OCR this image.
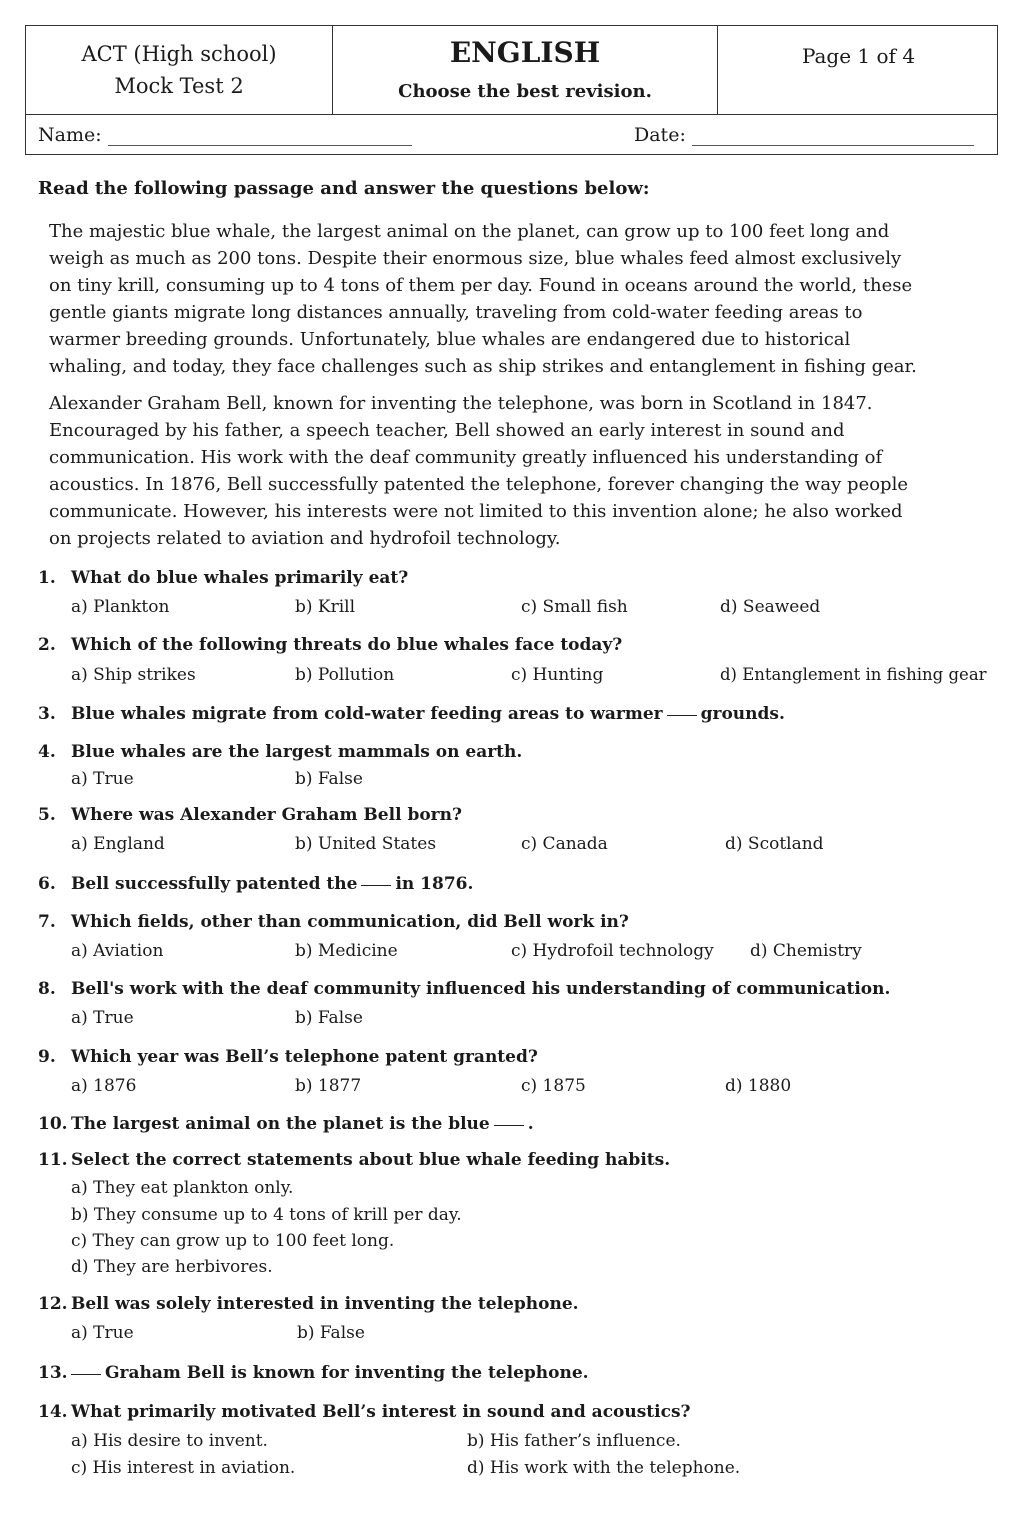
ACT (High school)
Mock Test 2
ENGLISH
Choose the best revision.
Page 1 of 4
Name:	Date:
Read the following passage and answer the questions below:
The majestic blue whale, the largest animal on the planet, can grow up to 100 feet long and weigh as much as 200 tons. Despite their enormous size, blue whales feed almost exclusively on tiny krill, consuming up to 4 tons of them per day. Found in oceans around the world, these gentle giants migrate long distances annually, traveling from cold-water feeding areas to warmer breeding grounds. Unfortunately, blue whales are endangered due to historical whaling, and today, they face challenges such as ship strikes and entanglement in fishing gear.
Alexander Graham Bell, known for inventing the telephone, was born in Scotland in 1847. Encouraged by his father, a speech teacher, Bell showed an early interest in sound and communication. His work with the deaf community greatly influenced his understanding of acoustics. In 1876, Bell successfully patented the telephone, forever changing the way people communicate. However, his interests were not limited to this invention alone; he also worked on projects related to aviation and hydrofoil technology.
1. What do blue whales primarily eat?
a) Plankton	b) Krill	c) Small fish	d) Seaweed
2. Which of the following threats do blue whales face today?
a) Ship strikes	b) Pollution	c) Hunting	d) Entanglement in fishing gear
3. Blue whales migrate from cold-water feeding areas to warmer grounds.
4. Blue whales are the largest mammals on earth.
a) True	b) False
5. Where was Alexander Graham Bell born?
a) England	b) United States	c) Canada	d) Scotland
6. Bell successfully patented the in 1876.
7. Which fields, other than communication, did Bell work in?
a) Aviation	b) Medicine	c) Hydrofoil technology d) Chemistry
8. Bell's work with the deaf community influenced his understanding of communication.
a) True	b) False
9. Which year was Bell’s telephone patent granted?
a) 1876	b) 1877	c) 1875	d) 1880
10. The largest animal on the planet is the blue .
11. Select the correct statements about blue whale feeding habits.
a) They eat plankton only.
b) They consume up to 4 tons of krill per day.
c) They can grow up to 100 feet long.
d) They are herbivores.
12. Bell was solely interested in inventing the telephone.
a) True	b) False
13. Graham Bell is known for inventing the telephone.
14. What primarily motivated Bell’s interest in sound and acoustics?
a) His desire to invent.	b) His father’s influence.
c) His interest in aviation.	d) His work with the telephone.
